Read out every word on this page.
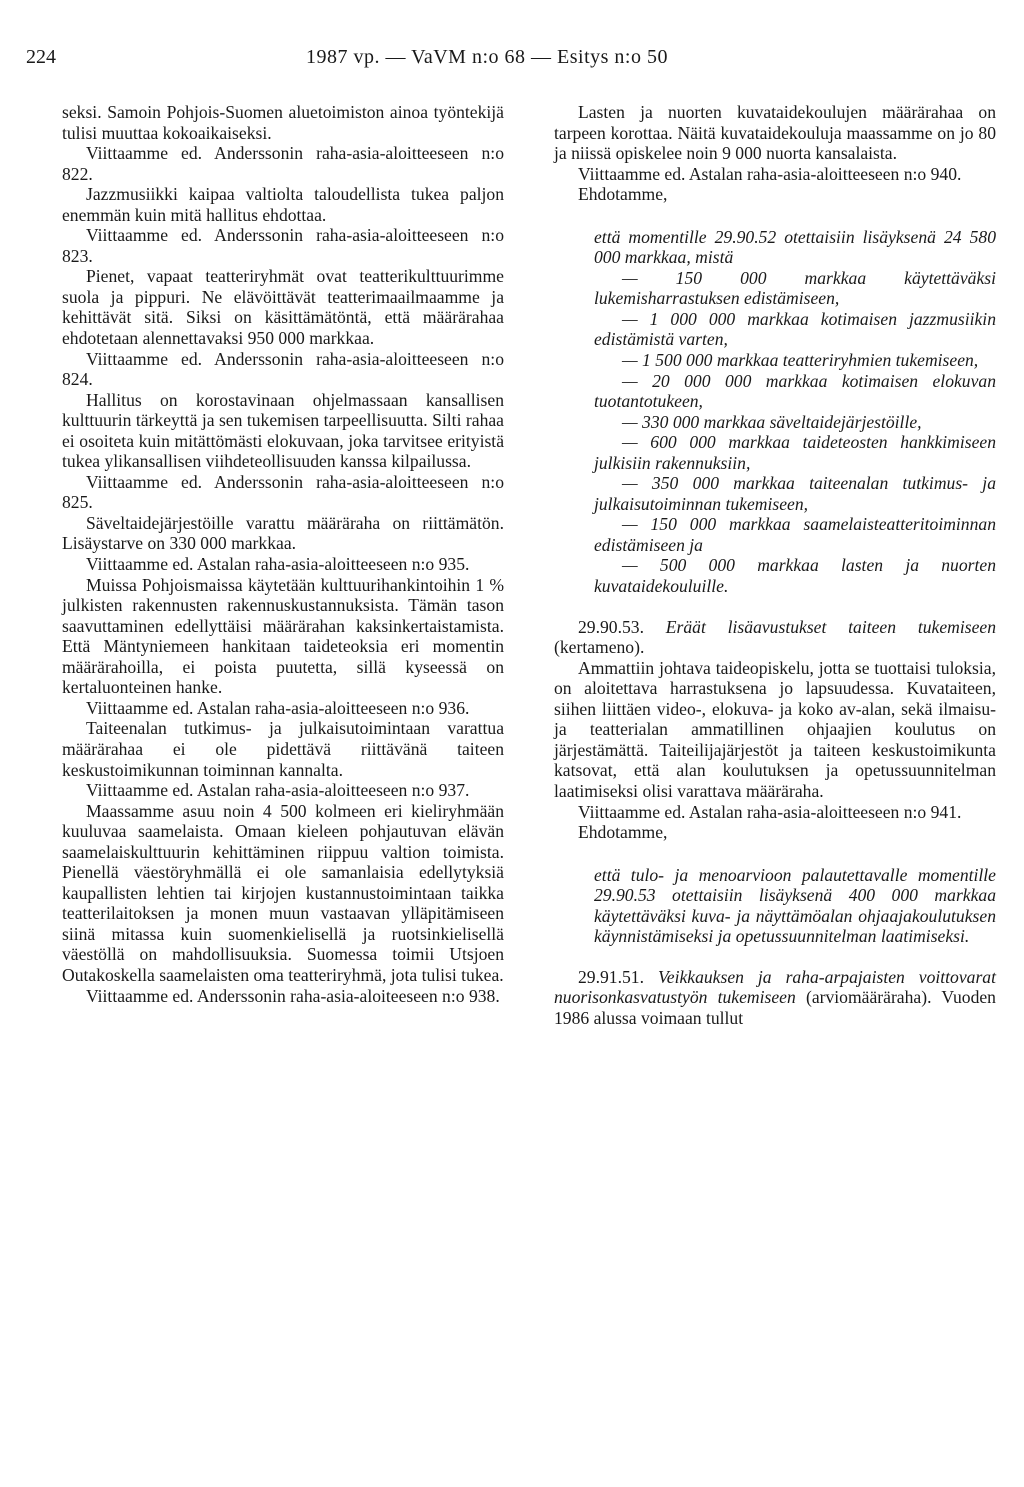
224	1987 vp. — VaVM n:o 68 — Esitys n:o 50

seksi. Samoin Pohjois-Suomen aluetoimiston ainoa työntekijä tulisi muuttaa kokoaikaiseksi.

Viittaamme ed. Anderssonin raha-asia-aloitteeseen n:o 822.

Jazzmusiikki kaipaa valtiolta taloudellista tukea paljon enemmän kuin mitä hallitus ehdottaa.

Viittaamme ed. Anderssonin raha-asia-aloitteeseen n:o 823.

Pienet, vapaat teatteriryhmät ovat teatterikulttuurimme suola ja pippuri. Ne elävöittävät teatterimaailmaamme ja kehittävät sitä. Siksi on käsittämätöntä, että määrärahaa ehdotetaan alennettavaksi 950 000 markkaa.

Viittaamme ed. Anderssonin raha-asia-aloitteeseen n:o 824.

Hallitus on korostavinaan ohjelmassaan kansallisen kulttuurin tärkeyttä ja sen tukemisen tarpeellisuutta. Silti rahaa ei osoiteta kuin mitättömästi elokuvaan, joka tarvitsee erityistä tukea ylikansallisen viihdeteollisuuden kanssa kilpailussa.

Viittaamme ed. Anderssonin raha-asia-aloitteeseen n:o 825.

Säveltaidejärjestöille varattu määräraha on riittämätön. Lisäystarve on 330 000 markkaa.

Viittaamme ed. Astalan raha-asia-aloitteeseen n:o 935.

Muissa Pohjoismaissa käytetään kulttuurihankintoihin 1 % julkisten rakennusten rakennuskustannuksista. Tämän tason saavuttaminen edellyttäisi määrärahan kaksinkertaistamista. Että Mäntyniemeen hankitaan taideteoksia eri momentin määrärahoilla, ei poista puutetta, sillä kyseessä on kertaluonteinen hanke.

Viittaamme ed. Astalan raha-asia-aloitteeseen n:o 936.

Taiteenalan tutkimus- ja julkaisutoimintaan varattua määrärahaa ei ole pidettävä riittävänä taiteen keskustoimikunnan toiminnan kannalta.

Viittaamme ed. Astalan raha-asia-aloitteeseen n:o 937.

Maassamme asuu noin 4 500 kolmeen eri kieliryhmään kuuluvaa saamelaista. Omaan kieleen pohjautuvan elävän saamelaiskulttuurin kehittäminen riippuu valtion toimista. Pienellä väestöryhmällä ei ole samanlaisia edellytyksiä kaupallisten lehtien tai kirjojen kustannustoimintaan taikka teatterilaitoksen ja monen muun vastaavan ylläpitämiseen siinä mitassa kuin suomenkielisellä ja ruotsinkielisellä väestöllä on mahdollisuuksia. Suomessa toimii Utsjoen Outakoskella saamelaisten oma teatteriryhmä, jota tulisi tukea.

Viittaamme ed. Anderssonin raha-asia-aloiteeseen n:o 938.

Lasten ja nuorten kuvataidekoulujen määrärahaa on tarpeen korottaa. Näitä kuvataidekouluja maassamme on jo 80 ja niissä opiskelee noin 9 000 nuorta kansalaista.

Viittaamme ed. Astalan raha-asia-aloitteeseen n:o 940.

Ehdotamme,

että momentille 29.90.52 otettaisiin lisäyksenä 24 580 000 markkaa, mistä

— 150 000 markkaa käytettäväksi lukemisharrastuksen edistämiseen,

— 1 000 000 markkaa kotimaisen jazzmusiikin edistämistä varten,

— 1 500 000 markkaa teatteriryhmien tukemiseen,

— 20 000 000 markkaa kotimaisen elokuvan tuotantotukeen,

— 330 000 markkaa säveltaidejärjestöille,

— 600 000 markkaa taideteosten hankkimiseen julkisiin rakennuksiin,

— 350 000 markkaa taiteenalan tutkimus- ja julkaisutoiminnan tukemiseen,

— 150 000 markkaa saamelaisteatteritoiminnan edistämiseen ja

— 500 000 markkaa lasten ja nuorten kuvataidekouluille.

29.90.53. Eräät lisäavustukset taiteen tukemiseen (kertameno).

Ammattiin johtava taideopiskelu, jotta se tuottaisi tuloksia, on aloitettava harrastuksena jo lapsuudessa. Kuvataiteen, siihen liittäen video-, elokuva- ja koko av-alan, sekä ilmaisu- ja teatterialan ammatillinen ohjaajien koulutus on järjestämättä. Taiteilijajärjestöt ja taiteen keskustoimikunta katsovat, että alan koulutuksen ja opetussuunnitelman laatimiseksi olisi varattava määräraha.

Viittaamme ed. Astalan raha-asia-aloitteeseen n:o 941.

Ehdotamme,

että tulo- ja menoarvioon palautettavalle momentille 29.90.53 otettaisiin lisäyksenä 400 000 markkaa käytettäväksi kuva- ja näyttämöalan ohjaajakoulutuksen käynnistämiseksi ja opetussuunnitelman laatimiseksi.

29.91.51. Veikkauksen ja raha-arpajaisten voittovarat nuorisonkasvatustyön tukemiseen (arviomääräraha). Vuoden 1986 alussa voimaan tullut
